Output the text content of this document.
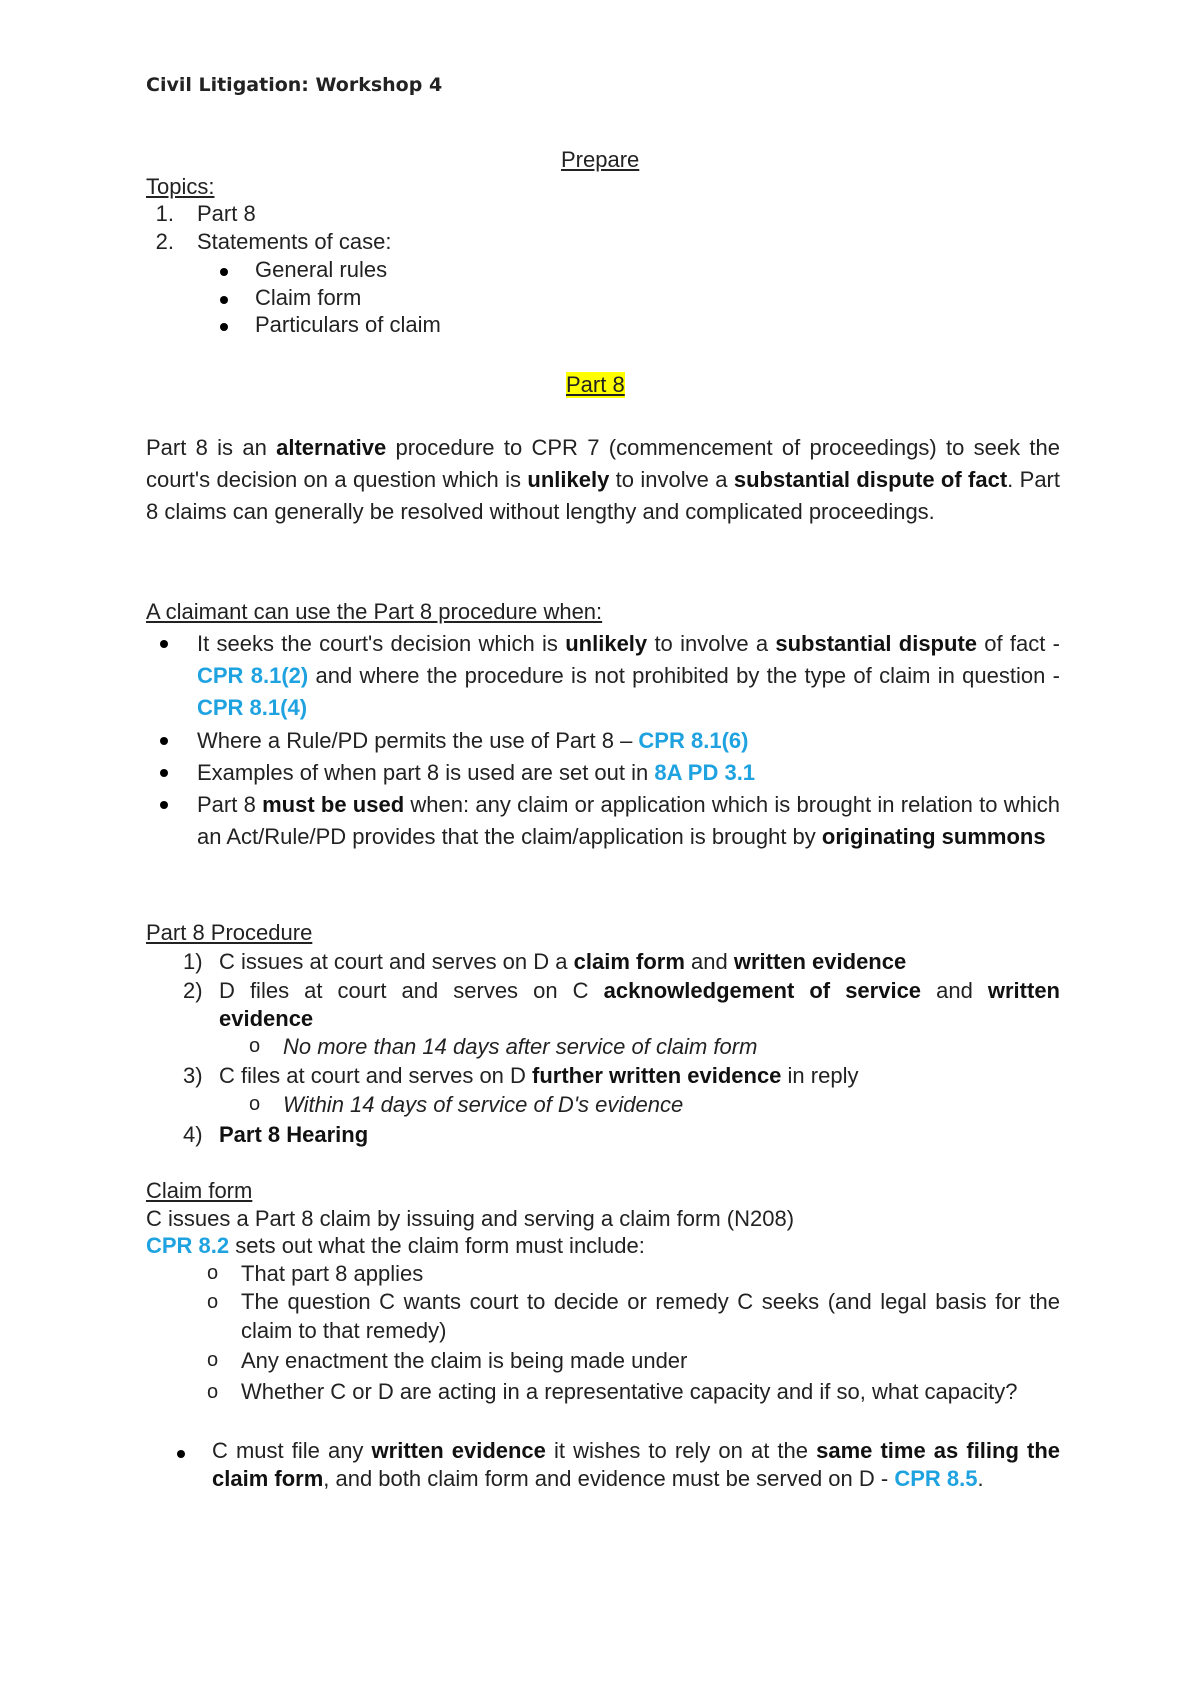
Civil Litigation: Workshop 4
Prepare
Topics:
1. Part 8
2. Statements of case:
General rules
Claim form
Particulars of claim
Part 8
Part 8 is an alternative procedure to CPR 7 (commencement of proceedings) to seek the court's decision on a question which is unlikely to involve a substantial dispute of fact. Part 8 claims can generally be resolved without lengthy and complicated proceedings.
A claimant can use the Part 8 procedure when:
It seeks the court's decision which is unlikely to involve a substantial dispute of fact - CPR 8.1(2) and where the procedure is not prohibited by the type of claim in question - CPR 8.1(4)
Where a Rule/PD permits the use of Part 8 – CPR 8.1(6)
Examples of when part 8 is used are set out in 8A PD 3.1
Part 8 must be used when: any claim or application which is brought in relation to which an Act/Rule/PD provides that the claim/application is brought by originating summons
Part 8 Procedure
1) C issues at court and serves on D a claim form and written evidence
2) D files at court and serves on C acknowledgement of service and written
evidence
o No more than 14 days after service of claim form
3) C files at court and serves on D further written evidence in reply
o Within 14 days of service of D's evidence
4) Part 8 Hearing
Claim form
C issues a Part 8 claim by issuing and serving a claim form (N208)
CPR 8.2 sets out what the claim form must include:
o That part 8 applies
o The question C wants court to decide or remedy C seeks (and legal basis for the claim to that remedy)
o Any enactment the claim is being made under
o Whether C or D are acting in a representative capacity and if so, what capacity?
C must file any written evidence it wishes to rely on at the same time as filing the claim form, and both claim form and evidence must be served on D - CPR 8.5.
